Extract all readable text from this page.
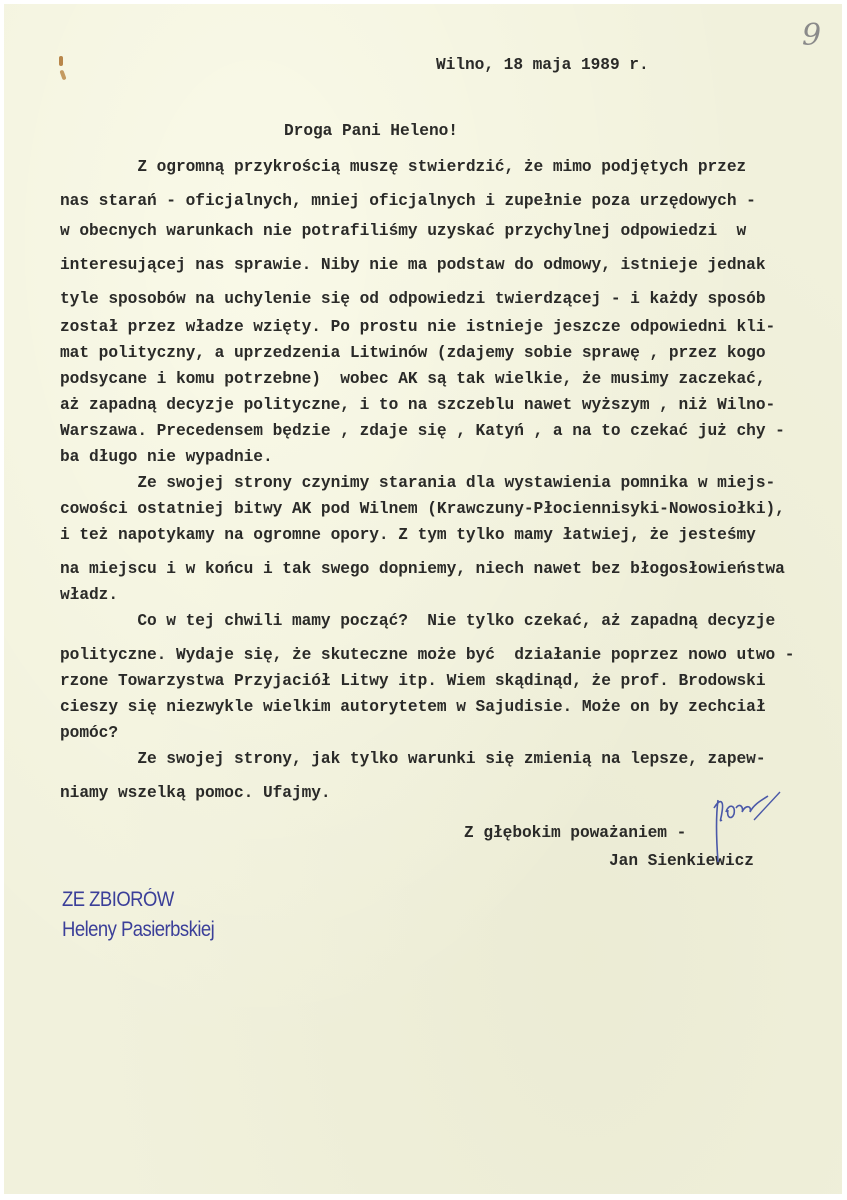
9
Wilno, 18 maja 1989 r.
Droga Pani Heleno!
Z ogromną przykrością muszę stwierdzić, że mimo podjętych przez
nas starań - oficjalnych, mniej oficjalnych i zupełnie poza urzędowych -
w obecnych warunkach nie potrafiliśmy uzyskać przychylnej odpowiedzi  w
interesującej nas sprawie. Niby nie ma podstaw do odmowy, istnieje jednak
tyle sposobów na uchylenie się od odpowiedzi twierdzącej - i każdy sposób
został przez władze wzięty. Po prostu nie istnieje jeszcze odpowiedni kli-
mat polityczny, a uprzedzenia Litwinów (zdajemy sobie sprawę , przez kogo
podsycane i komu potrzebne)  wobec AK są tak wielkie, że musimy zaczekać,
aż zapadną decyzje polityczne, i to na szczeblu nawet wyższym , niż Wilno-
Warszawa. Precedensem będzie , zdaje się , Katyń , a na to czekać już chy -
ba długo nie wypadnie.
Ze swojej strony czynimy starania dla wystawienia pomnika w miejs-
cowości ostatniej bitwy AK pod Wilnem (Krawczuny-Płociennisyki-Nowosiołki),
i też napotykamy na ogromne opory. Z tym tylko mamy łatwiej, że jesteśmy
na miejscu i w końcu i tak swego dopniemy, niech nawet bez błogosłowieństwa
władz.
Co w tej chwili mamy począć?  Nie tylko czekać, aż zapadną decyzje
polityczne. Wydaje się, że skuteczne może być  działanie poprzez nowo utwo -
rzone Towarzystwa Przyjaciół Litwy itp. Wiem skądinąd, że prof. Brodowski
cieszy się niezwykle wielkim autorytetem w Sajudisie. Może on by zechciał
pomóc?
Ze swojej strony, jak tylko warunki się zmienią na lepsze, zapew-
niamy wszelką pomoc. Ufajmy.
Z głębokim poważaniem -
Jan Sienkiewicz
ZE ZBIORÓW
Heleny Pasierbskiej
